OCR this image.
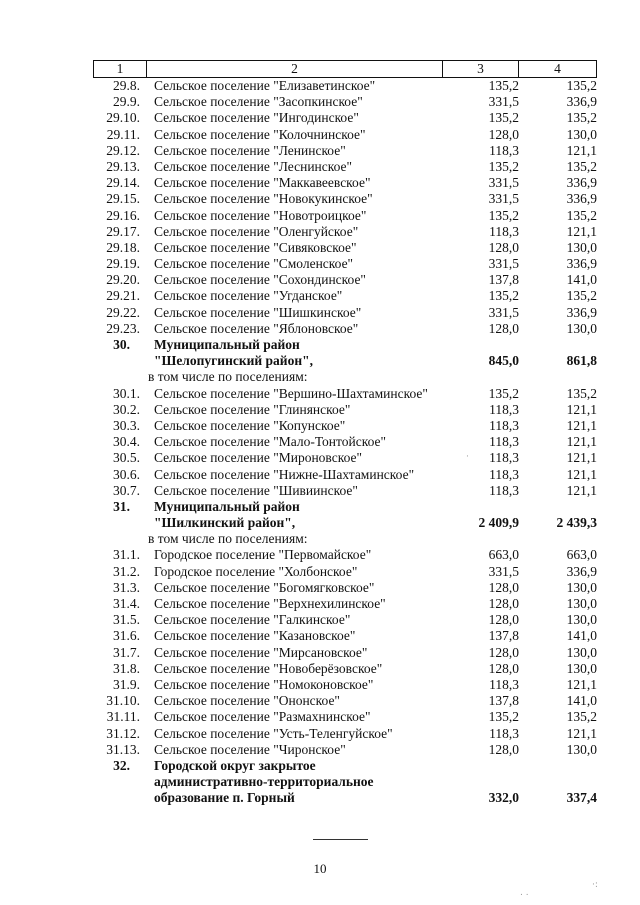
1	2	3	4
29.8. Сельское поселение "Елизаветинское"	135,2	135,2
29.9. Сельское поселение "Засопкинское"	331,5	336,9
29.10. Сельское поселение "Ингодинское"	135,2	135,2
29.11. Сельское поселение "Колочнинское"	128,0	130,0
29.12. Сельское поселение "Ленинское"	118,3	121,1
29.13. Сельское поселение "Леснинское"	135,2	135,2
29.14. Сельское поселение "Маккавеевское"	331,5	336,9
29.15. Сельское поселение "Новокукинское"	331,5	336,9
29.16. Сельское поселение "Новотроицкое"	135,2	135,2
29.17. Сельское поселение "Оленгуйское"	118,3	121,1
29.18. Сельское поселение "Сивяковское"	128,0	130,0
29.19. Сельское поселение "Смоленское"	331,5	336,9
29.20. Сельское поселение "Сохондинское"	137,8	141,0
29.21. Сельское поселение "Угданское"	135,2	135,2
29.22. Сельское поселение "Шишкинское"	331,5	336,9
29.23. Сельское поселение "Яблоновское"	128,0	130,0
30. Муниципальный район
"Шелопугинский район",	845,0	861,8
в том числе по поселениям:
30.1. Сельское поселение "Вершино-Шахтаминское"	135,2	135,2
30.2. Сельское поселение "Глинянское"	118,3	121,1
30.3. Сельское поселение "Копунское"	118,3	121,1
30.4. Сельское поселение "Мало-Тонтойское"	118,3	121,1
30.5. Сельское поселение "Мироновское"	118,3	121,1
30.6. Сельское поселение "Нижне-Шахтаминское"	118,3	121,1
30.7. Сельское поселение "Шивиинское"	118,3	121,1
31. Муниципальный район
"Шилкинский район",	2 409,9	2 439,3
в том числе по поселениям:
31.1. Городское поселение "Первомайское"	663,0	663,0
31.2. Городское поселение "Холбонское"	331,5	336,9
31.3. Сельское поселение "Богомягковское"	128,0	130,0
31.4. Сельское поселение "Верхнехилинское"	128,0	130,0
31.5. Сельское поселение "Галкинское"	128,0	130,0
31.6. Сельское поселение "Казановское"	137,8	141,0
31.7. Сельское поселение "Мирсановское"	128,0	130,0
31.8. Сельское поселение "Новоберёзовское"	128,0	130,0
31.9. Сельское поселение "Номоконовское"	118,3	121,1
31.10. Сельское поселение "Ононское"	137,8	141,0
31.11. Сельское поселение "Размахнинское"	135,2	135,2
31.12. Сельское поселение "Усть-Теленгуйское"	118,3	121,1
31.13. Сельское поселение "Чиронское"	128,0	130,0
32. Городской округ закрытое
административно-территориальное
образование п. Горный	332,0	337,4
10
·
. .
·:
